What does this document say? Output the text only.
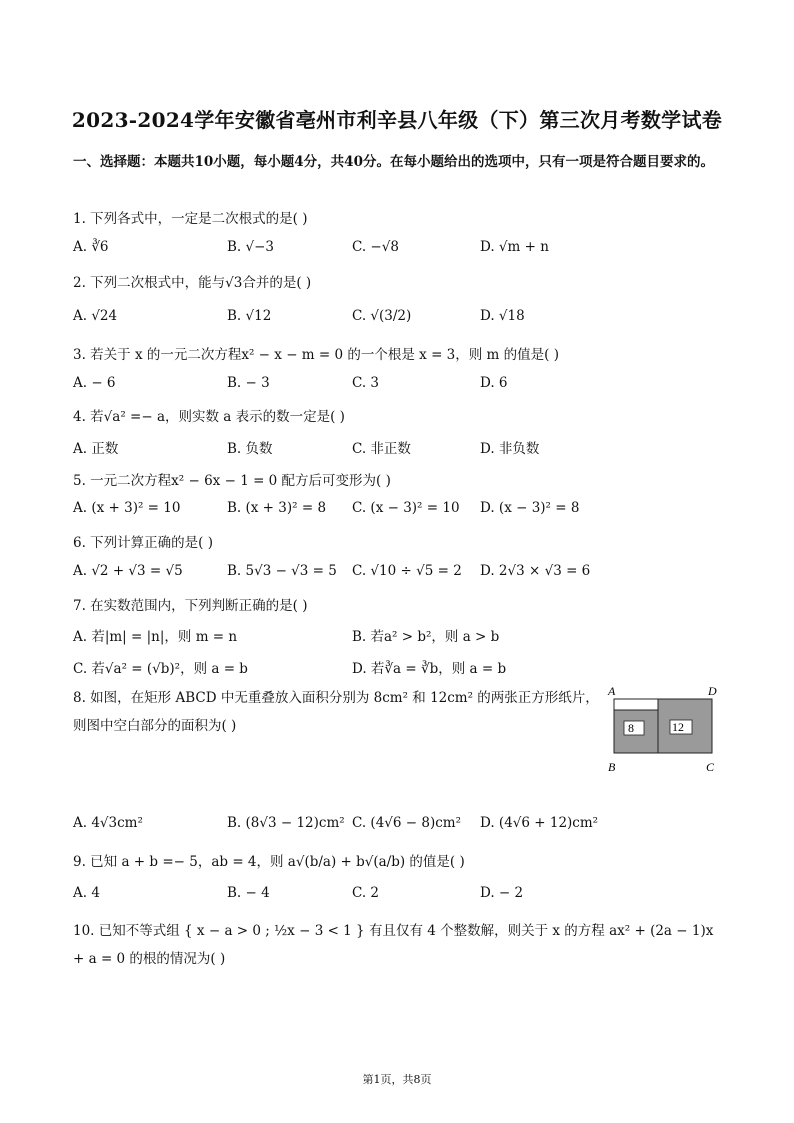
2023-2024学年安徽省亳州市利辛县八年级（下）第三次月考数学试卷
一、选择题：本题共10小题，每小题4分，共40分。在每小题给出的选项中，只有一项是符合题目要求的。
1. 下列各式中，一定是二次根式的是( )
A. ∛6	B. √−3	C. −√8	D. √m + n
2. 下列二次根式中，能与√3合并的是( )
A. √24	B. √12	C. √(3/2)	D. √18
3. 若关于 x 的一元二次方程x² − x − m = 0 的一个根是 x = 3，则 m 的值是( )
A. − 6	B. − 3	C. 3	D. 6
4. 若√a² =− a，则实数 a 表示的数一定是( )
A. 正数	B. 负数	C. 非正数	D. 非负数
5. 一元二次方程x² − 6x − 1 = 0 配方后可变形为( )
A. (x + 3)² = 10	B. (x + 3)² = 8 C. (x − 3)² = 10 D. (x − 3)² = 8
6. 下列计算正确的是( )
A. √2 + √3 = √5	B. 5√3 − √3 = 5 C. √10 ÷ √5 = 2 D. 2√3 × √3 = 6
7. 在实数范围内，下列判断正确的是( )
A. 若|m| = |n|，则 m = n	B. 若a² > b²，则 a > b
C. 若√a² = (√b)²，则 a = b	D. 若∛a = ∛b，则 a = b
8. 如图，在矩形 ABCD 中无重叠放入面积分别为 8cm² 和 12cm² 的两张正方形纸片，则图中空白部分的面积为( )	8	12
A	D
B	C
A. 4√3cm²	B. (8√3 − 12)cm² C. (4√6 − 8)cm² D. (4√6 + 12)cm²
9. 已知 a + b =− 5，ab = 4，则 a√(b/a) + b√(a/b) 的值是( )
A. 4	B. − 4	C. 2	D. − 2
10. 已知不等式组 { x − a > 0 ; ½x − 3 < 1 } 有且仅有 4 个整数解，则关于 x 的方程 ax² + (2a − 1)x + a = 0 的根的情况为( )
第1页，共8页
